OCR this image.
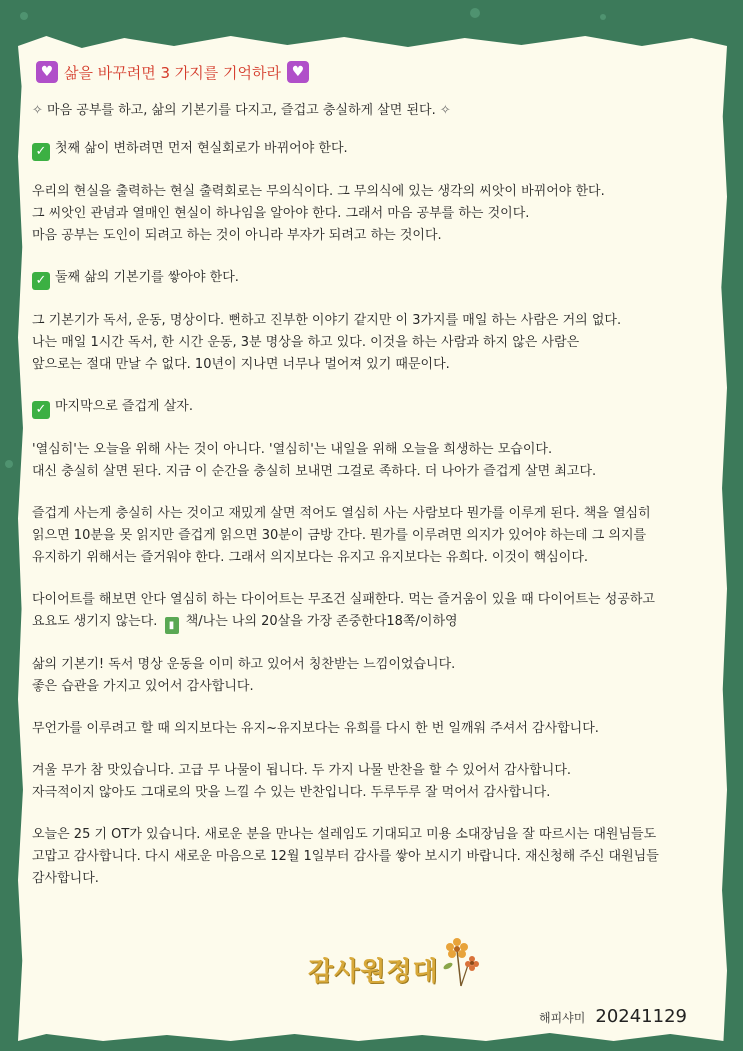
♥ 삶을 바꾸려면 3 가지를 기억하라 ♥
✧ 마음 공부를 하고, 삶의 기본기를 다지고, 즐겁고 충실하게 살면 된다. ✧
✓ 첫째 삶이 변하려면 먼저 현실회로가 바뀌어야 한다.
우리의 현실을 출력하는 현실 출력회로는 무의식이다. 그 무의식에 있는 생각의 씨앗이 바뀌어야 한다.
그 씨앗인 관념과 열매인 현실이 하나임을 알아야 한다. 그래서 마음 공부를 하는 것이다.
마음 공부는 도인이 되려고 하는 것이 아니라 부자가 되려고 하는 것이다.
✓ 둘째 삶의 기본기를 쌓아야 한다.
그 기본기가 독서, 운동, 명상이다. 뻔하고 진부한 이야기 같지만 이 3가지를 매일 하는 사람은 거의 없다.
나는 매일 1시간 독서, 한 시간 운동, 3분 명상을 하고 있다. 이것을 하는 사람과 하지 않은 사람은
앞으로는 절대 만날 수 없다. 10년이 지나면 너무나 멀어져 있기 때문이다.
✓ 마지막으로 즐겁게 살자.
'열심히'는 오늘을 위해 사는 것이 아니다. '열심히'는 내일을 위해 오늘을 희생하는 모습이다.
대신 충실히 살면 된다. 지금 이 순간을 충실히 보내면 그걸로 족하다. 더 나아가 즐겁게 살면 최고다.
즐겁게 사는게 충실히 사는 것이고 재밌게 살면 적어도 열심히 사는 사람보다 뭔가를 이루게 된다. 책을 열심히
읽으면 10분을 못 읽지만 즐겁게 읽으면 30분이 금방 간다. 뭔가를 이루려면 의지가 있어야 하는데 그 의지를
유지하기 위해서는 즐거워야 한다. 그래서 의지보다는 유지고 유지보다는 유희다. 이것이 핵심이다.
다이어트를 해보면 안다 열심히 하는 다이어트는 무조건 실패한다. 먹는 즐거움이 있을 때 다이어트는 성공하고
요요도 생기지 않는다. ▮ 책/나는 나의 20살을 가장 존중한다18쪽/이하영
삶의 기본기! 독서 명상 운동을 이미 하고 있어서 칭찬받는 느낌이었습니다.
좋은 습관을 가지고 있어서 감사합니다.
무언가를 이루려고 할 때 의지보다는 유지~유지보다는 유희를 다시 한 번 일깨워 주셔서 감사합니다.
겨울 무가 참 맛있습니다. 고급 무 나물이 됩니다. 두 가지 나물 반찬을 할 수 있어서 감사합니다.
자극적이지 않아도 그대로의 맛을 느낄 수 있는 반찬입니다. 두루두루 잘 먹어서 감사합니다.
오늘은 25 기 OT가 있습니다. 새로운 분을 만나는 설레임도 기대되고 미용 소대장님을 잘 따르시는 대원님들도
고맙고 감사합니다. 다시 새로운 마음으로 12월 1일부터 감사를 쌓아 보시기 바랍니다. 재신청해 주신 대원님들
감사합니다.
감사원정대
해피샤미 20241129
